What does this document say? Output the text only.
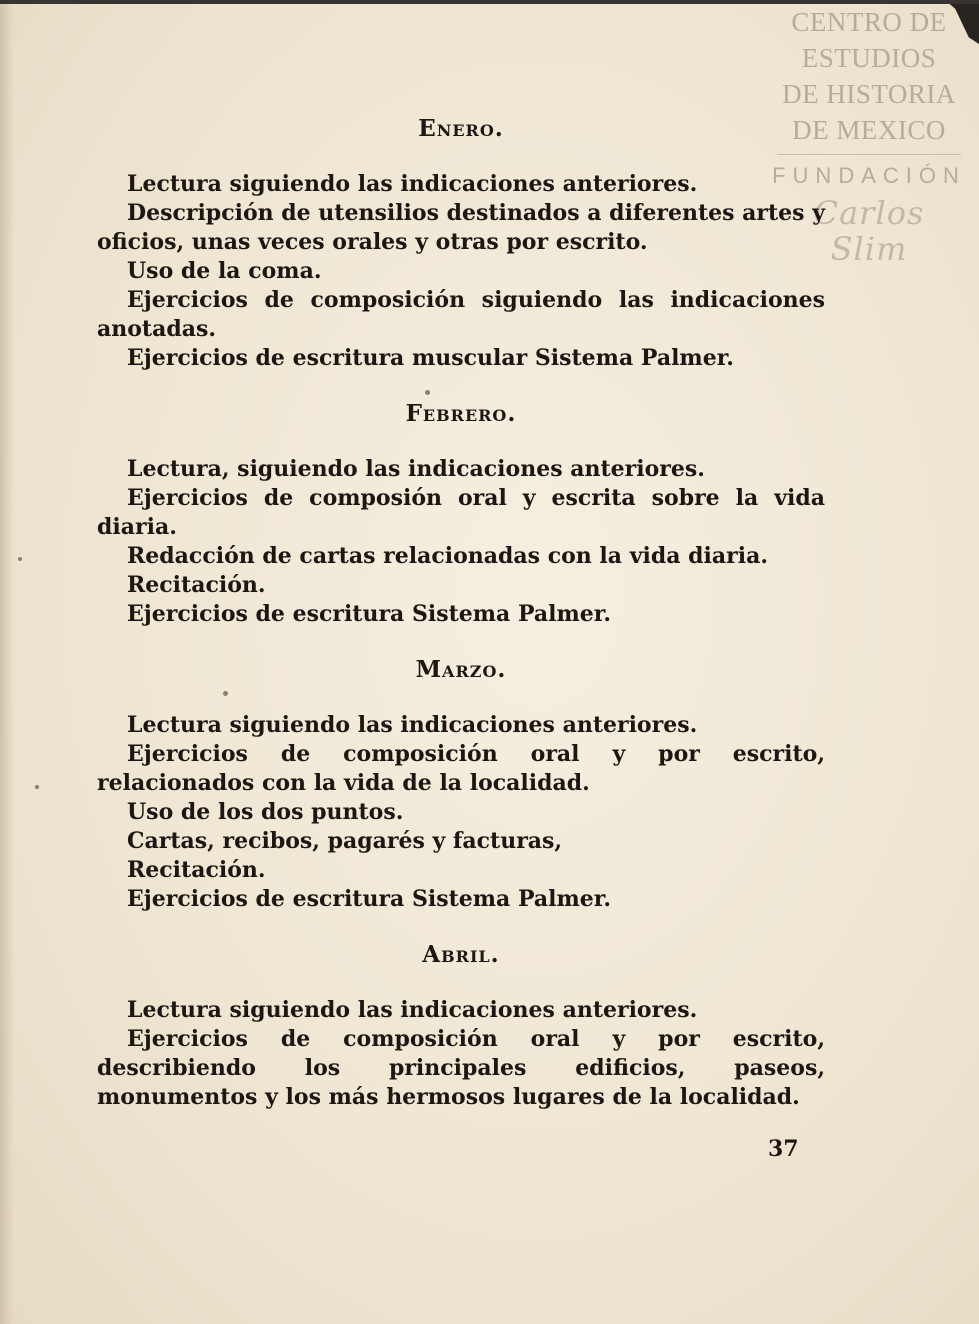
CENTRO DE
ESTUDIOS
DE HISTORIA
DE MEXICO
FUNDACIÓN
Carlos Slim
Enero.

Lectura siguiendo las indicaciones anteriores.

Descripción de utensilios destinados a diferentes artes y oficios, unas veces orales y otras por escrito.

Uso de la coma.

Ejercicios de composición siguiendo las indicaciones anotadas.

Ejercicios de escritura muscular Sistema Palmer.

Febrero.

Lectura, siguiendo las indicaciones anteriores.

Ejercicios de composión oral y escrita sobre la vida diaria.

Redacción de cartas relacionadas con la vida diaria.

Recitación.

Ejercicios de escritura Sistema Palmer.

Marzo.

Lectura siguiendo las indicaciones anteriores.

Ejercicios de composición oral y por escrito, relacionados con la vida de la localidad.

Uso de los dos puntos.

Cartas, recibos, pagarés y facturas,

Recitación.

Ejercicios de escritura Sistema Palmer.

Abril.

Lectura siguiendo las indicaciones anteriores.

Ejercicios de composición oral y por escrito, describiendo los principales edificios, paseos, monumentos y los más hermosos lugares de la localidad.

37
